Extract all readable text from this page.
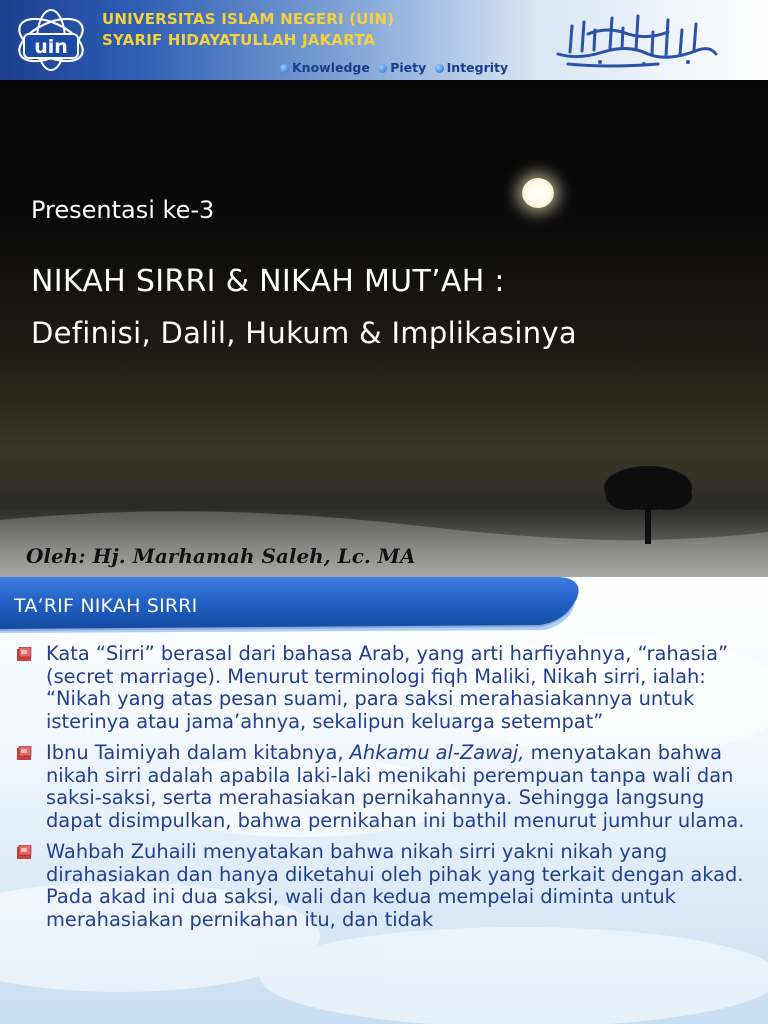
uin
UNIVERSITAS ISLAM NEGERI (UIN)
SYARIF HIDAYATULLAH JAKARTA
Knowledge Piety Integrity
Presentasi ke-3
NIKAH SIRRI & NIKAH MUT’AH :
Definisi, Dalil, Hukum & Implikasinya
Oleh: Hj. Marhamah Saleh, Lc. MA
TA’RIF NIKAH SIRRI
Kata “Sirri” berasal dari bahasa Arab, yang arti harfiyahnya, “rahasia” (secret marriage). Menurut terminologi fiqh Maliki, Nikah sirri, ialah: “Nikah yang atas pesan suami, para saksi merahasiakannya untuk isterinya atau jama’ahnya, sekalipun keluarga setempat”
Ibnu Taimiyah dalam kitabnya, Ahkamu al-Zawaj, menyatakan bahwa nikah sirri adalah apabila laki-laki menikahi perempuan tanpa wali dan saksi-saksi, serta merahasiakan pernikahannya. Sehingga langsung dapat disimpulkan, bahwa pernikahan ini bathil menurut jumhur ulama.
Wahbah Zuhaili menyatakan bahwa nikah sirri yakni nikah yang dirahasiakan dan hanya diketahui oleh pihak yang terkait dengan akad. Pada akad ini dua saksi, wali dan kedua mempelai diminta untuk merahasiakan pernikahan itu, dan tidak
